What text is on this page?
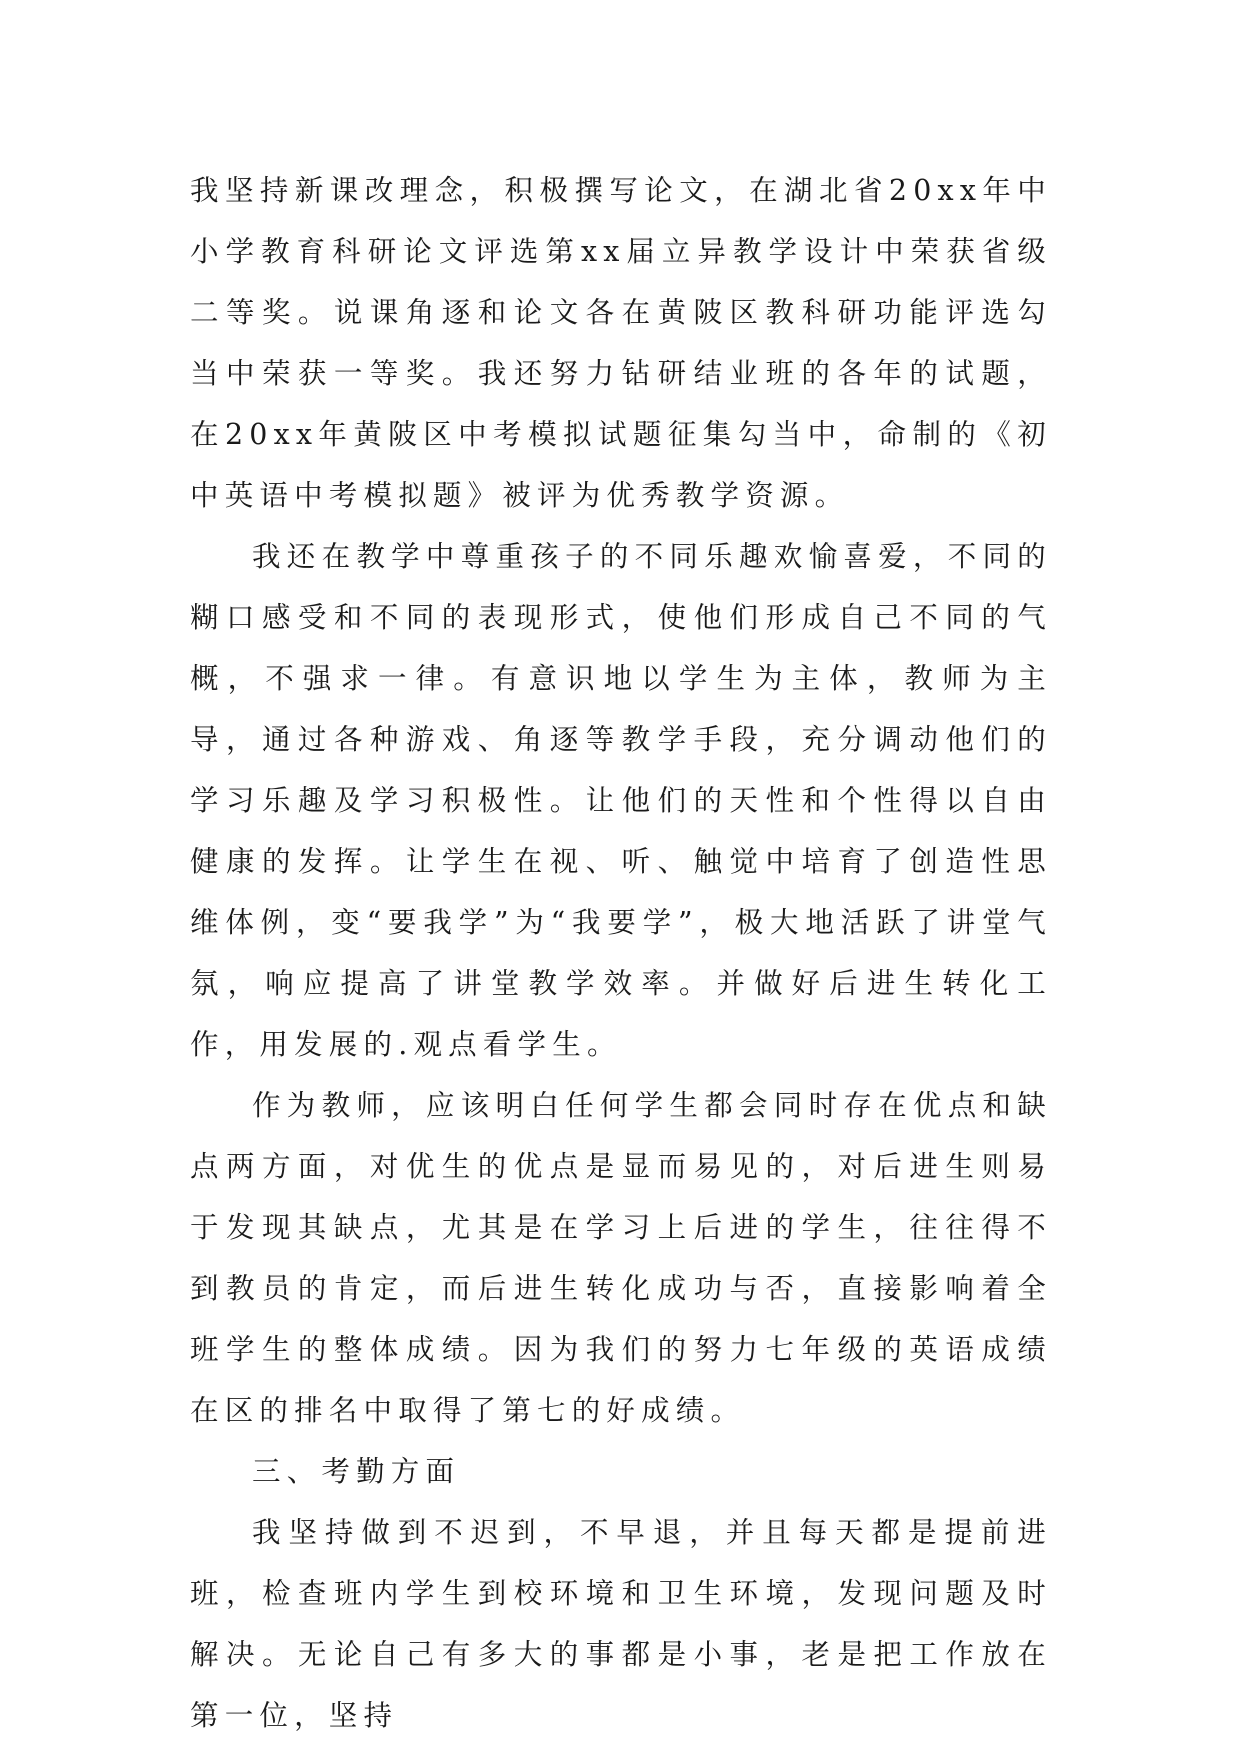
我坚持新课改理念，积极撰写论文，在湖北省20xx年中小学教育科研论文评选第xx届立异教学设计中荣获省级二等奖。说课角逐和论文各在黄陂区教科研功能评选勾当中荣获一等奖。我还努力钻研结业班的各年的试题，在20xx年黄陂区中考模拟试题征集勾当中，命制的《初中英语中考模拟题》被评为优秀教学资源。

我还在教学中尊重孩子的不同乐趣欢愉喜爱，不同的糊口感受和不同的表现形式，使他们形成自己不同的气概，不强求一律。有意识地以学生为主体，教师为主导，通过各种游戏、角逐等教学手段，充分调动他们的学习乐趣及学习积极性。让他们的天性和个性得以自由健康的发挥。让学生在视、听、触觉中培育了创造性思维体例，变“要我学”为“我要学”，极大地活跃了讲堂气氛，响应提高了讲堂教学效率。并做好后进生转化工作，用发展的.观点看学生。

作为教师，应该明白任何学生都会同时存在优点和缺点两方面，对优生的优点是显而易见的，对后进生则易于发现其缺点，尤其是在学习上后进的学生，往往得不到教员的肯定，而后进生转化成功与否，直接影响着全班学生的整体成绩。因为我们的努力七年级的英语成绩在区的排名中取得了第七的好成绩。

三、考勤方面

我坚持做到不迟到，不早退，并且每天都是提前进班，检查班内学生到校环境和卫生环境，发现问题及时解决。无论自己有多大的事都是小事，老是把工作放在第一位，坚持
